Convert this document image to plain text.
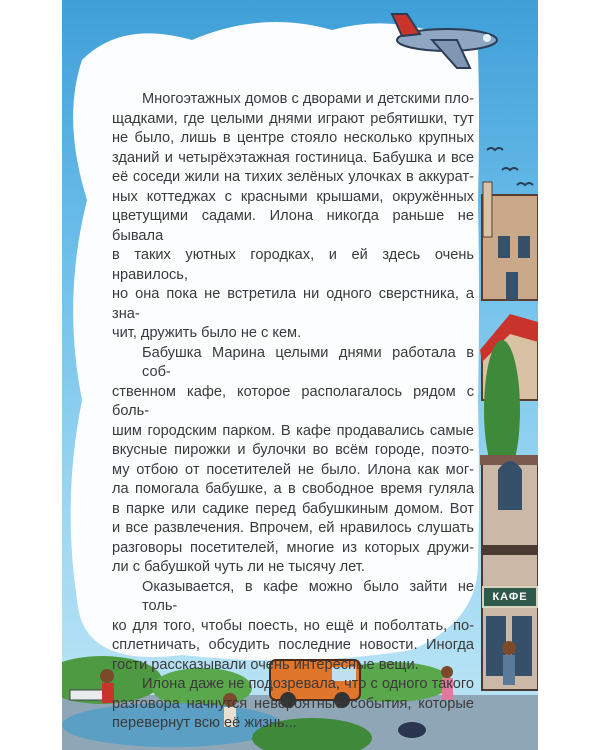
КАФЕ
Многоэтажных домов с дворами и детскими пло-
щадками, где целыми днями играют ребятишки, тут
не было, лишь в центре стояло несколько крупных
зданий и четырёхэтажная гостиница. Бабушка и все
её соседи жили на тихих зелёных улочках в аккурат-
ных коттеджах с красными крышами, окружённых
цветущими садами. Илона никогда раньше не бывала
в таких уютных городках, и ей здесь очень нравилось,
но она пока не встретила ни одного сверстника, а зна-
чит, дружить было не с кем.
Бабушка Марина целыми днями работала в соб-
ственном кафе, которое располагалось рядом с боль-
шим городским парком. В кафе продавались самые
вкусные пирожки и булочки во всём городе, поэто-
му отбою от посетителей не было. Илона как мог-
ла помогала бабушке, а в свободное время гуляла
в парке или садике перед бабушкиным домом. Вот
и все развлечения. Впрочем, ей нравилось слушать
разговоры посетителей, многие из которых дружи-
ли с бабушкой чуть ли не тысячу лет.
Оказывается, в кафе можно было зайти не толь-
ко для того, чтобы поесть, но ещё и поболтать, по-
сплетничать, обсудить последние новости. Иногда
гости рассказывали очень интересные вещи.
Илона даже не подозревала, что с одного такого
разговора начнутся невероятные события, которые
перевернут всю её жизнь...
